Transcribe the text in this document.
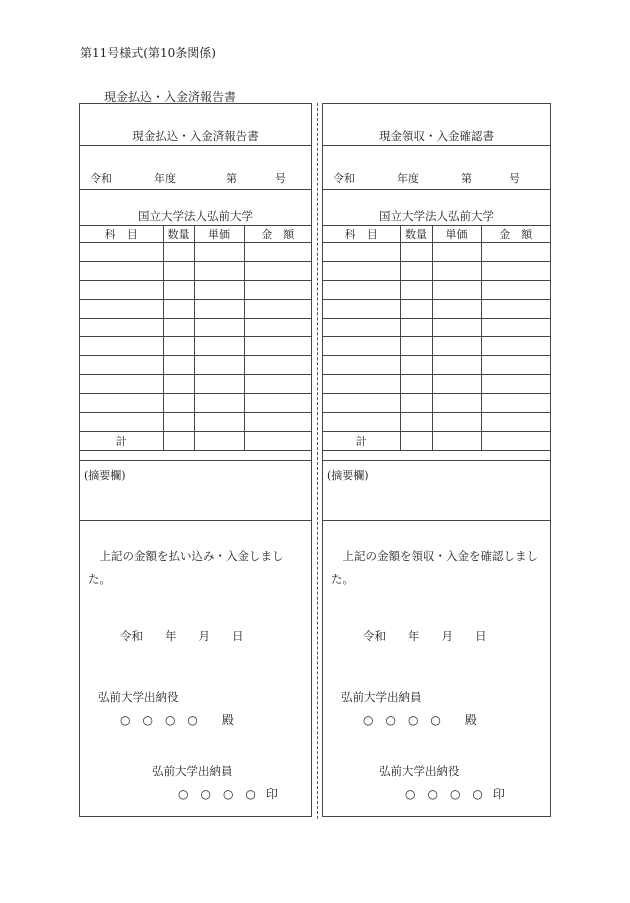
第11号様式(第10条関係)
現金払込・入金済報告書
現金払込・入金済報告書
令和	年度	第	号
国立大学法人弘前大学
科　目	数量	単価	金　額

計			
(摘要欄)
上記の金額を払い込み・入金しました。
令和 年 月 日
弘前大学出納役
○　○　○　○ 殿
弘前大学出納員
○　○　○　○ 印
現金領収・入金確認書
令和	年度	第	号
国立大学法人弘前大学
科　目	数量	単価	金　額

計			
(摘要欄)
上記の金額を領収・入金を確認しました。
令和 年 月 日
弘前大学出納員
○　○　○　○ 殿
弘前大学出納役
○　○　○　○ 印
